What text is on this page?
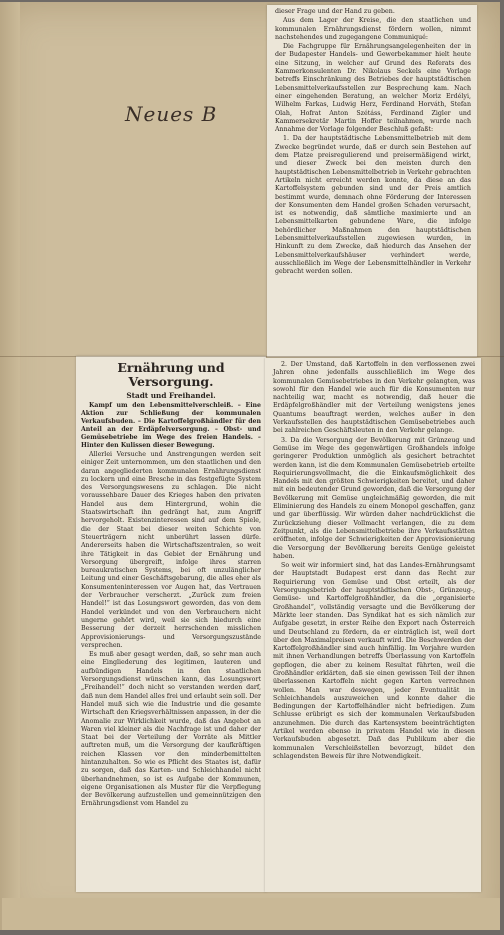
Neues B

dieser Frage und der Hand zu geben.

Aus dem Lager der Kreise, die den staatlichen und kommunalen Ernährungsdienst fördern wollen, nimmt nachstehendes und zugegangene Communiqué:

Die Fachgruppe für Ernährungsangelegenheiten der in der Budapester Handels- und Gewerbekammer hielt heute eine Sitzung, in welcher auf Grund des Referats des Kammerkonsulenten Dr. Nikolaus Seckels eine Vorlage betreffs Einschränkung des Betriebes der hauptstädtischen Lebensmittelverkaufsstellen zur Besprechung kam. Nach einer eingehenden Beratung, an welcher Moriz Erdélyi, Wilhelm Farkas, Ludwig Herz, Ferdinand Horváth, Stefan Olah, Hofrat Anton Szétáss, Ferdinand Zigler und Kammersekretär Martin Hoffer teilnahmen, wurde nach Annahme der Vorlage folgender Beschluß gefaßt:

1. Da der hauptstädtische Lebensmittelbetrieb mit dem Zwecke begründet wurde, daß er durch sein Bestehen auf dem Platze preisregulierend und preisermäßigend wirkt, und dieser Zweck bei den meisten durch den hauptstädtischen Lebensmittelbetrieb in Verkehr gebrachten Artikeln nicht erreicht werden konnte, da diese an das Kartoffelsystem gebunden sind und der Preis amtlich bestimmt wurde, demnach ohne Förderung der Interessen der Konsumenten dem Handel großen Schaden verursacht, ist es notwendig, daß sämtliche maximierte und an Lebensmittelkarten gebundene Ware, die infolge behördlicher Maßnahmen den hauptstädtischen Lebensmittelverkaufsstellen zugewiesen wurden, in Hinkunft zu dem Zwecke, daß hiedurch das Ansehen der Lebensmittelverkaufshäuser verhindert werde, ausschließlich im Wege der Lebensmittelhändler in Verkehr gebracht werden sollen.

Ernährung und Versorgung.
Stadt und Freihandel.

Kampf um den Lebensmittelverschleiß. – Eine Aktion zur Schließung der kommunalen Verkaufsbuden. – Die Kartoffelgroßhändler für den Anteil an der Erdäpfelversorgung. – Obst- und Gemüsebetriebe im Wege des freien Handels. – Hinter den Kulissen dieser Bewegung.

Allerlei Versuche und Anstrengungen werden seit einiger Zeit unternommen, um den staatlichen und den daran angegliederten kommunalen Ernährungsdienst zu lockern und eine Bresche in das festgefügte System des Versorgungswesens zu schlagen. Die nicht voraussehbare Dauer des Krieges haben den privaten Handel aus dem Hintergrund, wohin die Staatswirtschaft ihn gedrängt hat, zum Angriff hervorgeholt. Existenzinteressen sind auf dem Spiele, die der Staat bei dieser weiten Schichte von Steuerträgern nicht unberührt lassen dürfe. Andererseits haben die Wirtschaftszentralen, so weit ihre Tätigkeit in das Gebiet der Ernährung und Versorgung übergreift, infolge ihres starren bureaukratischen Systems, bei oft unzulänglicher Leitung und einer Geschäftsgebarung, die alles eher als Konsumenteninteressen vor Augen hat, das Vertrauen der Verbraucher verscherzt. „Zurück zum freien Handel!“ ist das Losungswort geworden, das von dem Handel verkündet und von den Verbrauchern nicht ungerne gehört wird, weil sie sich hiedurch eine Besserung der derzeit herrschenden misslichen Approvisionierungs- und Versorgungszustände versprechen.

Es muß aber gesagt werden, daß, so sehr man auch eine Eingliederung des legitimen, lauteren und aufbündigen Handels in den staatlichen Versorgungsdienst wünschen kann, das Losungswort „Freihandel!“ doch nicht so verstanden werden darf, daß nun dem Handel alles frei und erlaubt sein soll. Der Handel muß sich wie die Industrie und die gesamte Wirtschaft den Kriegsverhältnissen anpassen, in der die Anomalie zur Wirklichkeit wurde, daß das Angebot an Waren viel kleiner als die Nachfrage ist und daher der Staat bei der Verteilung der Vorräte als Mittler auftreten muß, um die Versorgung der kaufkräftigen reichen Klassen vor den minderbemittelten hintanzuhalten. So wie es Pflicht des Staates ist, dafür zu sorgen, daß das Karten- und Schleichhandel nicht überhandnehmen, so ist es Aufgabe der Kommunen, eigene Organisationen als Muster für die Verpflegung der Bevölkerung aufzustellen und gemeinnützigen den Ernährungsdienst vom Handel zu

2. Der Umstand, daß Kartoffeln in den verflossenen zwei Jahren ohne jedenfalls ausschließlich im Wege des kommunalen Gemüsebetriebes in den Verkehr gelangten, was sowohl für den Handel wie auch für die Konsumenten nur nachteilig war, macht es notwendig, daß heuer die Erdäpfelgroßhändler mit der Verteilung wenigstens jenes Quantums beauftragt werden, welches außer in den Verkaufsstellen des hauptstädtischen Gemüsebetriebes auch bei zahlreichen Geschäftsleuten in den Verkehr gelange.

3. Da die Versorgung der Bevölkerung mit Grünzeug und Gemüse im Wege des gegenwärtigen Großhandels infolge geringerer Produktion unmöglich als gesichert betrachtet werden kann, ist die dem Kommunalen Gemüsebetrieb erteilte Requirierungsvollmacht, die die Einkaufsmöglichkeit des Handels mit den größten Schwierigkeiten bereitet, und daher mit ein bedeutender Grund geworden, daß die Versorgung der Bevölkerung mit Gemüse ungleichmäßig geworden, die mit Eliminierung des Handels zu einem Monopol geschaffen, ganz und gar überflüssig. Wir würden daher nachdrücklichst die Zurückziehung dieser Vollmacht verlangen, die zu dem Zeitpunkt, als die Lebensmittelbetriebe ihre Verkaufsstätten eröffneten, infolge der Schwierigkeiten der Approvisionierung die Versorgung der Bevölkerung bereits Genüge geleistet haben.

So weit wir informiert sind, hat das Landes-Ernährungsamt der Hauptstadt Budapest erst dann das Recht zur Requirierung von Gemüse und Obst erteilt, als der Versorgungsbetrieb der hauptstädtischen Obst-, Grünzeug-, Gemüse- und Kartoffelgroßhändler, da die „organisierte Großhandel“, vollständig versagte und die Bevölkerung der Märkte leer standen. Das Syndikat hat es sich nämlich zur Aufgabe gesetzt, in erster Reihe den Export nach Österreich und Deutschland zu fördern, da er einträglich ist, weil dort über den Maximalpreisen verkauft wird. Die Beschwerden der Kartoffelgroßhändler sind auch hinfällig. Im Vorjahre wurden mit ihnen Verhandlungen betreffs Überlassung von Kartoffeln gepflogen, die aber zu keinem Resultat führten, weil die Großhändler erklärten, daß sie einen gewissen Teil der ihnen überlassenen Kartoffeln nicht gegen Karten verrechnen wollen. Man war deswegen, jeder Eventualität in Schleichhandels auszuweichen und konnte daher die Bedingungen der Kartoffelhändler nicht befriedigen. Zum Schlusse erübrigt es sich der kommunalen Verkaufsbuden anzunehmen. Die durch das Kartensystem beeinträchtigten Artikel werden ebenso in privatem Handel wie in diesen Verkaufsbuden abgesetzt. Daß das Publikum aber die kommunalen Verschleißstellen bevorzugt, bildet den schlagendsten Beweis für ihre Notwendigkeit.
